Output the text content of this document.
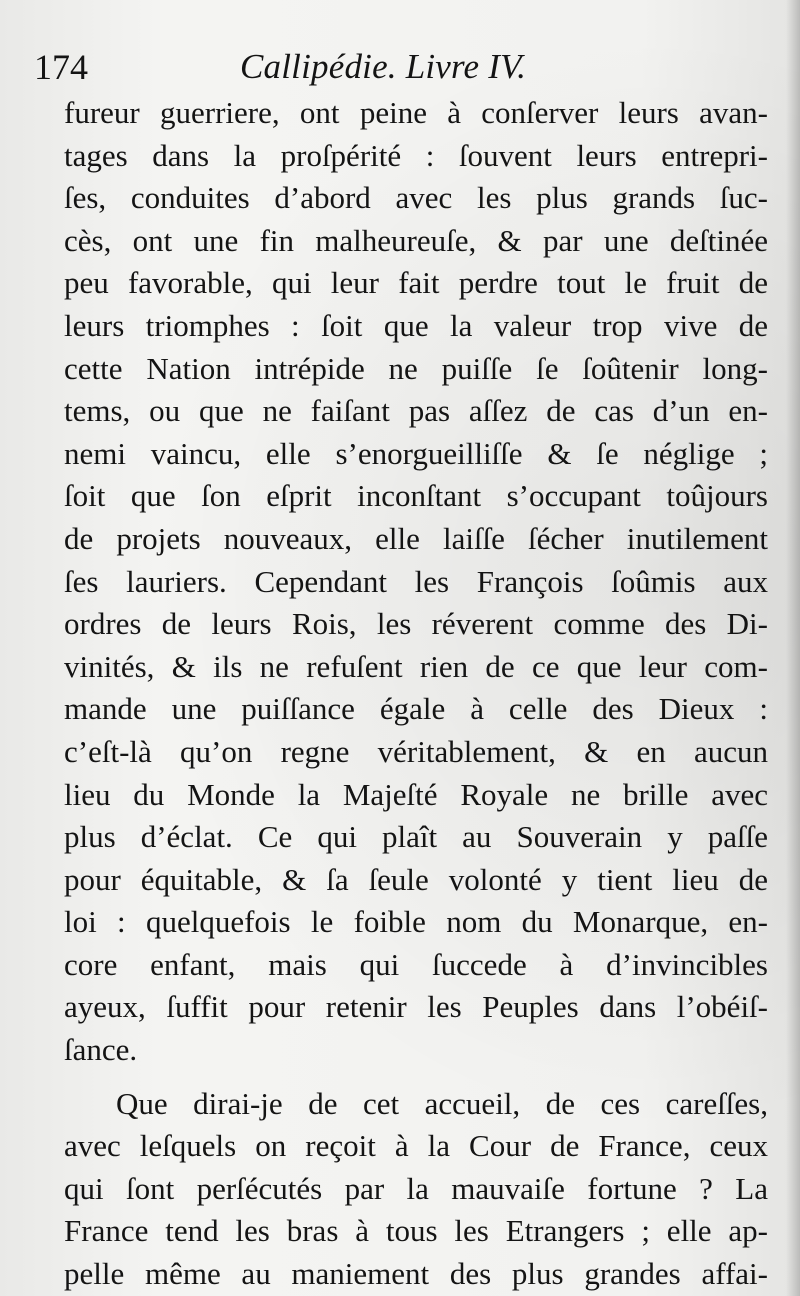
174	Callipédie. Livre IV.
fureur guerriere, ont peine à conſerver leurs avan-
tages dans la proſpérité : ſouvent leurs entrepri-
ſes, conduites d’abord avec les plus grands ſuc-
cès, ont une fin malheureuſe, & par une deſtinée
peu favorable, qui leur fait perdre tout le fruit de
leurs triomphes : ſoit que la valeur trop vive de
cette Nation intrépide ne puiſſe ſe ſoûtenir long-
tems, ou que ne faiſant pas aſſez de cas d’un en-
nemi vaincu, elle s’enorgueilliſſe & ſe néglige ;
ſoit que ſon eſprit inconſtant s’occupant toûjours
de projets nouveaux, elle laiſſe ſécher inutilement
ſes lauriers. Cependant les François ſoûmis aux
ordres de leurs Rois, les réverent comme des Di-
vinités, & ils ne refuſent rien de ce que leur com-
mande une puiſſance égale à celle des Dieux :
c’eſt-là qu’on regne véritablement, & en aucun
lieu du Monde la Majeſté Royale ne brille avec
plus d’éclat. Ce qui plaît au Souverain y paſſe
pour équitable, & ſa ſeule volonté y tient lieu de
loi : quelquefois le foible nom du Monarque, en-
core enfant, mais qui ſuccede à d’invincibles
ayeux, ſuffit pour retenir les Peuples dans l’obéiſ-
ſance.
Que dirai-je de cet accueil, de ces careſſes,
avec leſquels on reçoit à la Cour de France, ceux
qui ſont perſécutés par la mauvaiſe fortune ? La
France tend les bras à tous les Etrangers ; elle ap-
pelle même au maniement des plus grandes affai-
